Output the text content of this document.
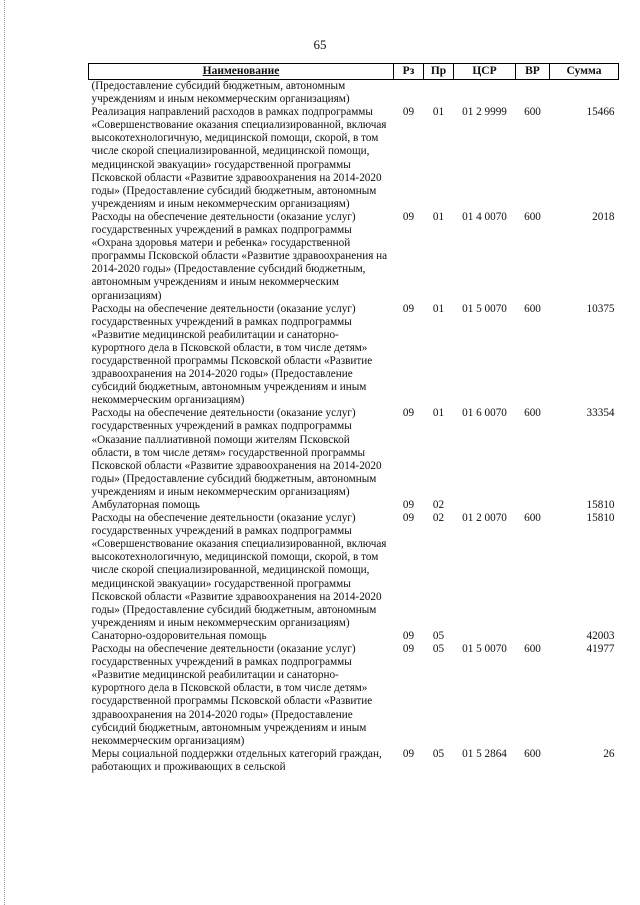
65
Наименование	Рз	Пр	ЦСР	ВР	Сумма
(Предоставление субсидий бюджетным, автономным учреждениям и иным некоммерческим организациям)					
Реализация направлений расходов в рамках подпрограммы «Совершенствование оказания специализированной, включая высокотехнологичную, медицинской помощи, скорой, в том числе скорой специализированной, медицинской помощи, медицинской эвакуации» государственной программы Псковской области «Развитие здравоохранения на 2014-2020 годы» (Предоставление субсидий бюджетным, автономным учреждениям и иным некоммерческим организациям)	09	01	01 2 9999	600	15466
Расходы на обеспечение деятельности (оказание услуг) государственных учреждений в рамках подпрограммы «Охрана здоровья матери и ребенка» государственной программы Псковской области «Развитие здравоохранения на 2014-2020 годы» (Предоставление субсидий бюджетным, автономным учреждениям и иным некоммерческим организациям)	09	01	01 4 0070	600	2018
Расходы на обеспечение деятельности (оказание услуг) государственных учреждений в рамках подпрограммы «Развитие медицинской реабилитации и санаторно-курортного дела в Псковской области, в том числе детям» государственной программы Псковской области «Развитие здравоохранения на 2014-2020 годы» (Предоставление субсидий бюджетным, автономным учреждениям и иным некоммерческим организациям)	09	01	01 5 0070	600	10375
Расходы на обеспечение деятельности (оказание услуг) государственных учреждений в рамках подпрограммы «Оказание паллиативной помощи жителям Псковской области, в том числе детям» государственной программы Псковской области «Развитие здравоохранения на 2014-2020 годы» (Предоставление субсидий бюджетным, автономным учреждениям и иным некоммерческим организациям)	09	01	01 6 0070	600	33354
Амбулаторная помощь	09	02			15810
Расходы на обеспечение деятельности (оказание услуг) государственных учреждений в рамках подпрограммы «Совершенствование оказания специализированной, включая высокотехнологичную, медицинской помощи, скорой, в том числе скорой специализированной, медицинской помощи, медицинской эвакуации» государственной программы Псковской области «Развитие здравоохранения на 2014-2020 годы» (Предоставление субсидий бюджетным, автономным учреждениям и иным некоммерческим организациям)	09	02	01 2 0070	600	15810
Санаторно-оздоровительная помощь	09	05			42003
Расходы на обеспечение деятельности (оказание услуг) государственных учреждений в рамках подпрограммы «Развитие медицинской реабилитации и санаторно-курортного дела в Псковской области, в том числе детям» государственной программы Псковской области «Развитие здравоохранения на 2014-2020 годы» (Предоставление субсидий бюджетным, автономным учреждениям и иным некоммерческим организациям)	09	05	01 5 0070	600	41977
Меры социальной поддержки отдельных категорий граждан, работающих и проживающих в сельской	09	05	01 5 2864	600	26
